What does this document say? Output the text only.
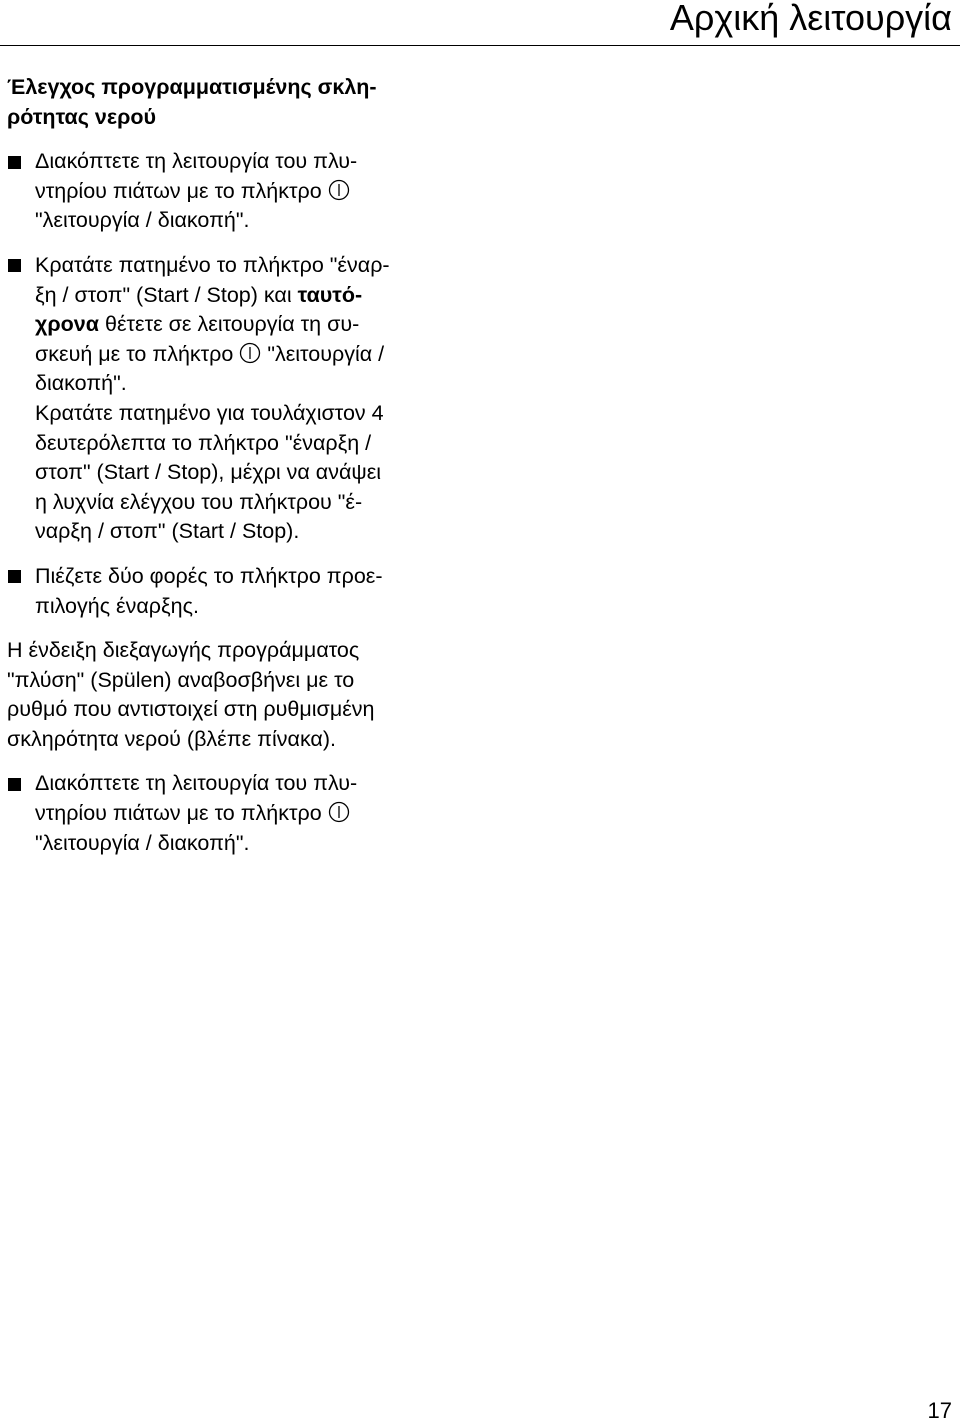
Αρχική λειτουργία
Έλεγχος προγραμματισμένης σκλη-
ρότητας νερού
Διακόπτετε τη λειτουργία του πλυ-
ντηρίου πιάτων με το πλήκτρο
"λειτουργία / διακοπή".
Κρατάτε πατημένο το πλήκτρο "έναρ-
ξη / στοπ" (Start / Stop) και ταυτό-
χρονα θέτετε σε λειτουργία τη συ-
σκευή με το πλήκτρο "λειτουργία /
διακοπή".
Κρατάτε πατημένο για τουλάχιστον 4
δευτερόλεπτα το πλήκτρο "έναρξη /
στοπ" (Start / Stop), μέχρι να ανάψει
η λυχνία ελέγχου του πλήκτρου "έ-
ναρξη / στοπ" (Start / Stop).
Πιέζετε δύο φορές το πλήκτρο προε-
πιλογής έναρξης.
Η ένδειξη διεξαγωγής προγράμματος
"πλύση" (Spülen) αναβοσβήνει με το
ρυθμό που αντιστοιχεί στη ρυθμισμένη
σκληρότητα νερού (βλέπε πίνακα).
Διακόπτετε τη λειτουργία του πλυ-
ντηρίου πιάτων με το πλήκτρο
"λειτουργία / διακοπή".
17
